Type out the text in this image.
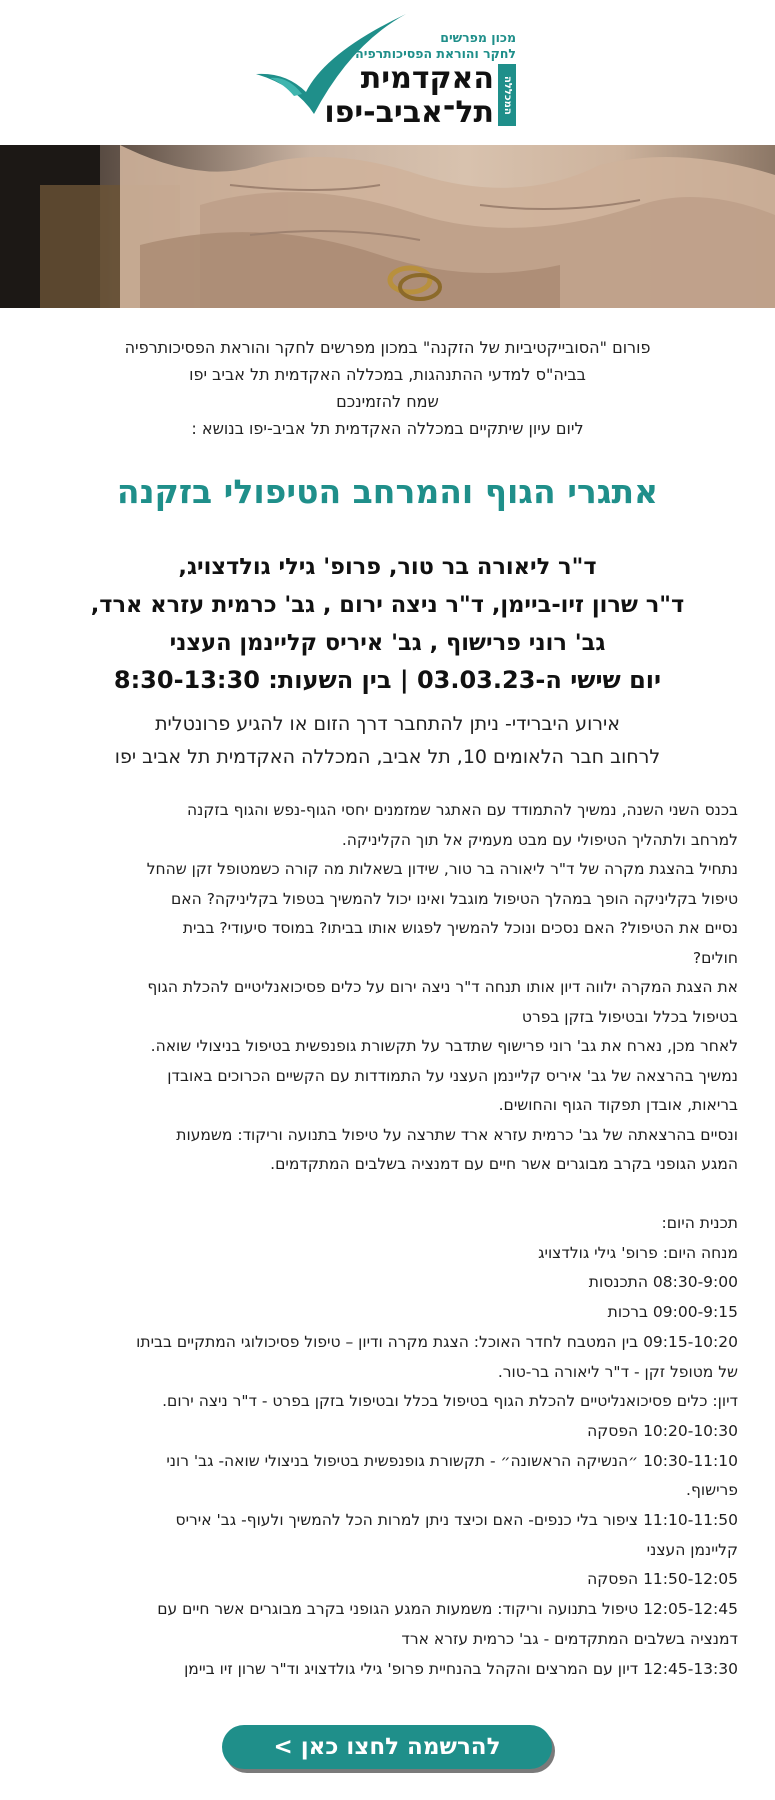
מכון מפרשים
לחקר והוראת הפסיכותרפיה
האקדמית
תל־אביב-יפו המכללה
פורום "הסובייקטיביות של הזקנה" במכון מפרשים לחקר והוראת הפסיכותרפיה
בביה"ס למדעי ההתנהגות, במכללה האקדמית תל אביב יפו
שמח להזמינכם
ליום עיון שיתקיים במכללה האקדמית תל אביב-יפו בנושא :
אתגרי הגוף והמרחב הטיפולי בזקנה
ד"ר ליאורה בר טור, פרופ' גילי גולדצויג,
ד"ר שרון זיו-ביימן, ד"ר ניצה ירום , גב' כרמית עזרא ארד,
גב' רוני פרישוף , גב' איריס קליינמן העצני
יום שישי ה-03.03.23 | בין השעות: 8:30-13:30
אירוע היברידי- ניתן להתחבר דרך הזום או להגיע פרונטלית
לרחוב חבר הלאומים 10, תל אביב, המכללה האקדמית תל אביב יפו
בכנס השני השנה, נמשיך להתמודד עם האתגר שמזמנים יחסי הגוף-נפש והגוף בזקנה
למרחב ולתהליך הטיפולי עם מבט מעמיק אל תוך הקליניקה.
נתחיל בהצגת מקרה של ד"ר ליאורה בר טור, שידון בשאלות מה קורה כשמטופל זקן שהחל
טיפול בקליניקה הופך במהלך הטיפול מוגבל ואינו יכול להמשיך בטפול בקליניקה? האם
נסיים את הטיפול? האם נסכים ונוכל להמשיך לפגוש אותו בביתו? במוסד סיעודי? בבית
חולים?
את הצגת המקרה ילווה דיון אותו תנחה ד"ר ניצה ירום על כלים פסיכואנליטיים להכלת הגוף
בטיפול בכלל ובטיפול בזקן בפרט
לאחר מכן, נארח את גב' רוני פרישוף שתדבר על תקשורת גופנפשית בטיפול בניצולי שואה.
נמשיך בהרצאה של גב' איריס קליינמן העצני על התמודדות עם הקשיים הכרוכים באובדן
בריאות, אובדן תפקוד הגוף והחושים.
ונסיים בהרצאתה של גב' כרמית עזרא ארד שתרצה על טיפול בתנועה וריקוד: משמעות
המגע הגופני בקרב מבוגרים אשר חיים עם דמנציה בשלבים המתקדמים.
תכנית היום:
מנחה היום: פרופ' גילי גולדצויג
08:30-9:00 התכנסות
09:00-9:15 ברכות
09:15-10:20 בין המטבח לחדר האוכל: הצגת מקרה ודיון – טיפול פסיכולוגי המתקיים בביתו
של מטופל זקן - ד"ר ליאורה בר-טור.
דיון: כלים פסיכואנליטיים להכלת הגוף בטיפול בכלל ובטיפול בזקן בפרט - ד"ר ניצה ירום.
10:20-10:30 הפסקה
10:30-11:10 ״הנשיקה הראשונה״ - תקשורת גופנפשית בטיפול בניצולי שואה- גב' רוני
פרישוף.
11:10-11:50 ציפור בלי כנפים- האם וכיצד ניתן למרות הכל להמשיך ולעוף- גב' איריס
קליינמן העצני
11:50-12:05 הפסקה
12:05-12:45 טיפול בתנועה וריקוד: משמעות המגע הגופני בקרב מבוגרים אשר חיים עם
דמנציה בשלבים המתקדמים - גב' כרמית עזרא ארד
12:45-13:30 דיון עם המרצים והקהל בהנחיית פרופ' גילי גולדצויג וד"ר שרון זיו ביימן
להרשמה לחצו כאן >
